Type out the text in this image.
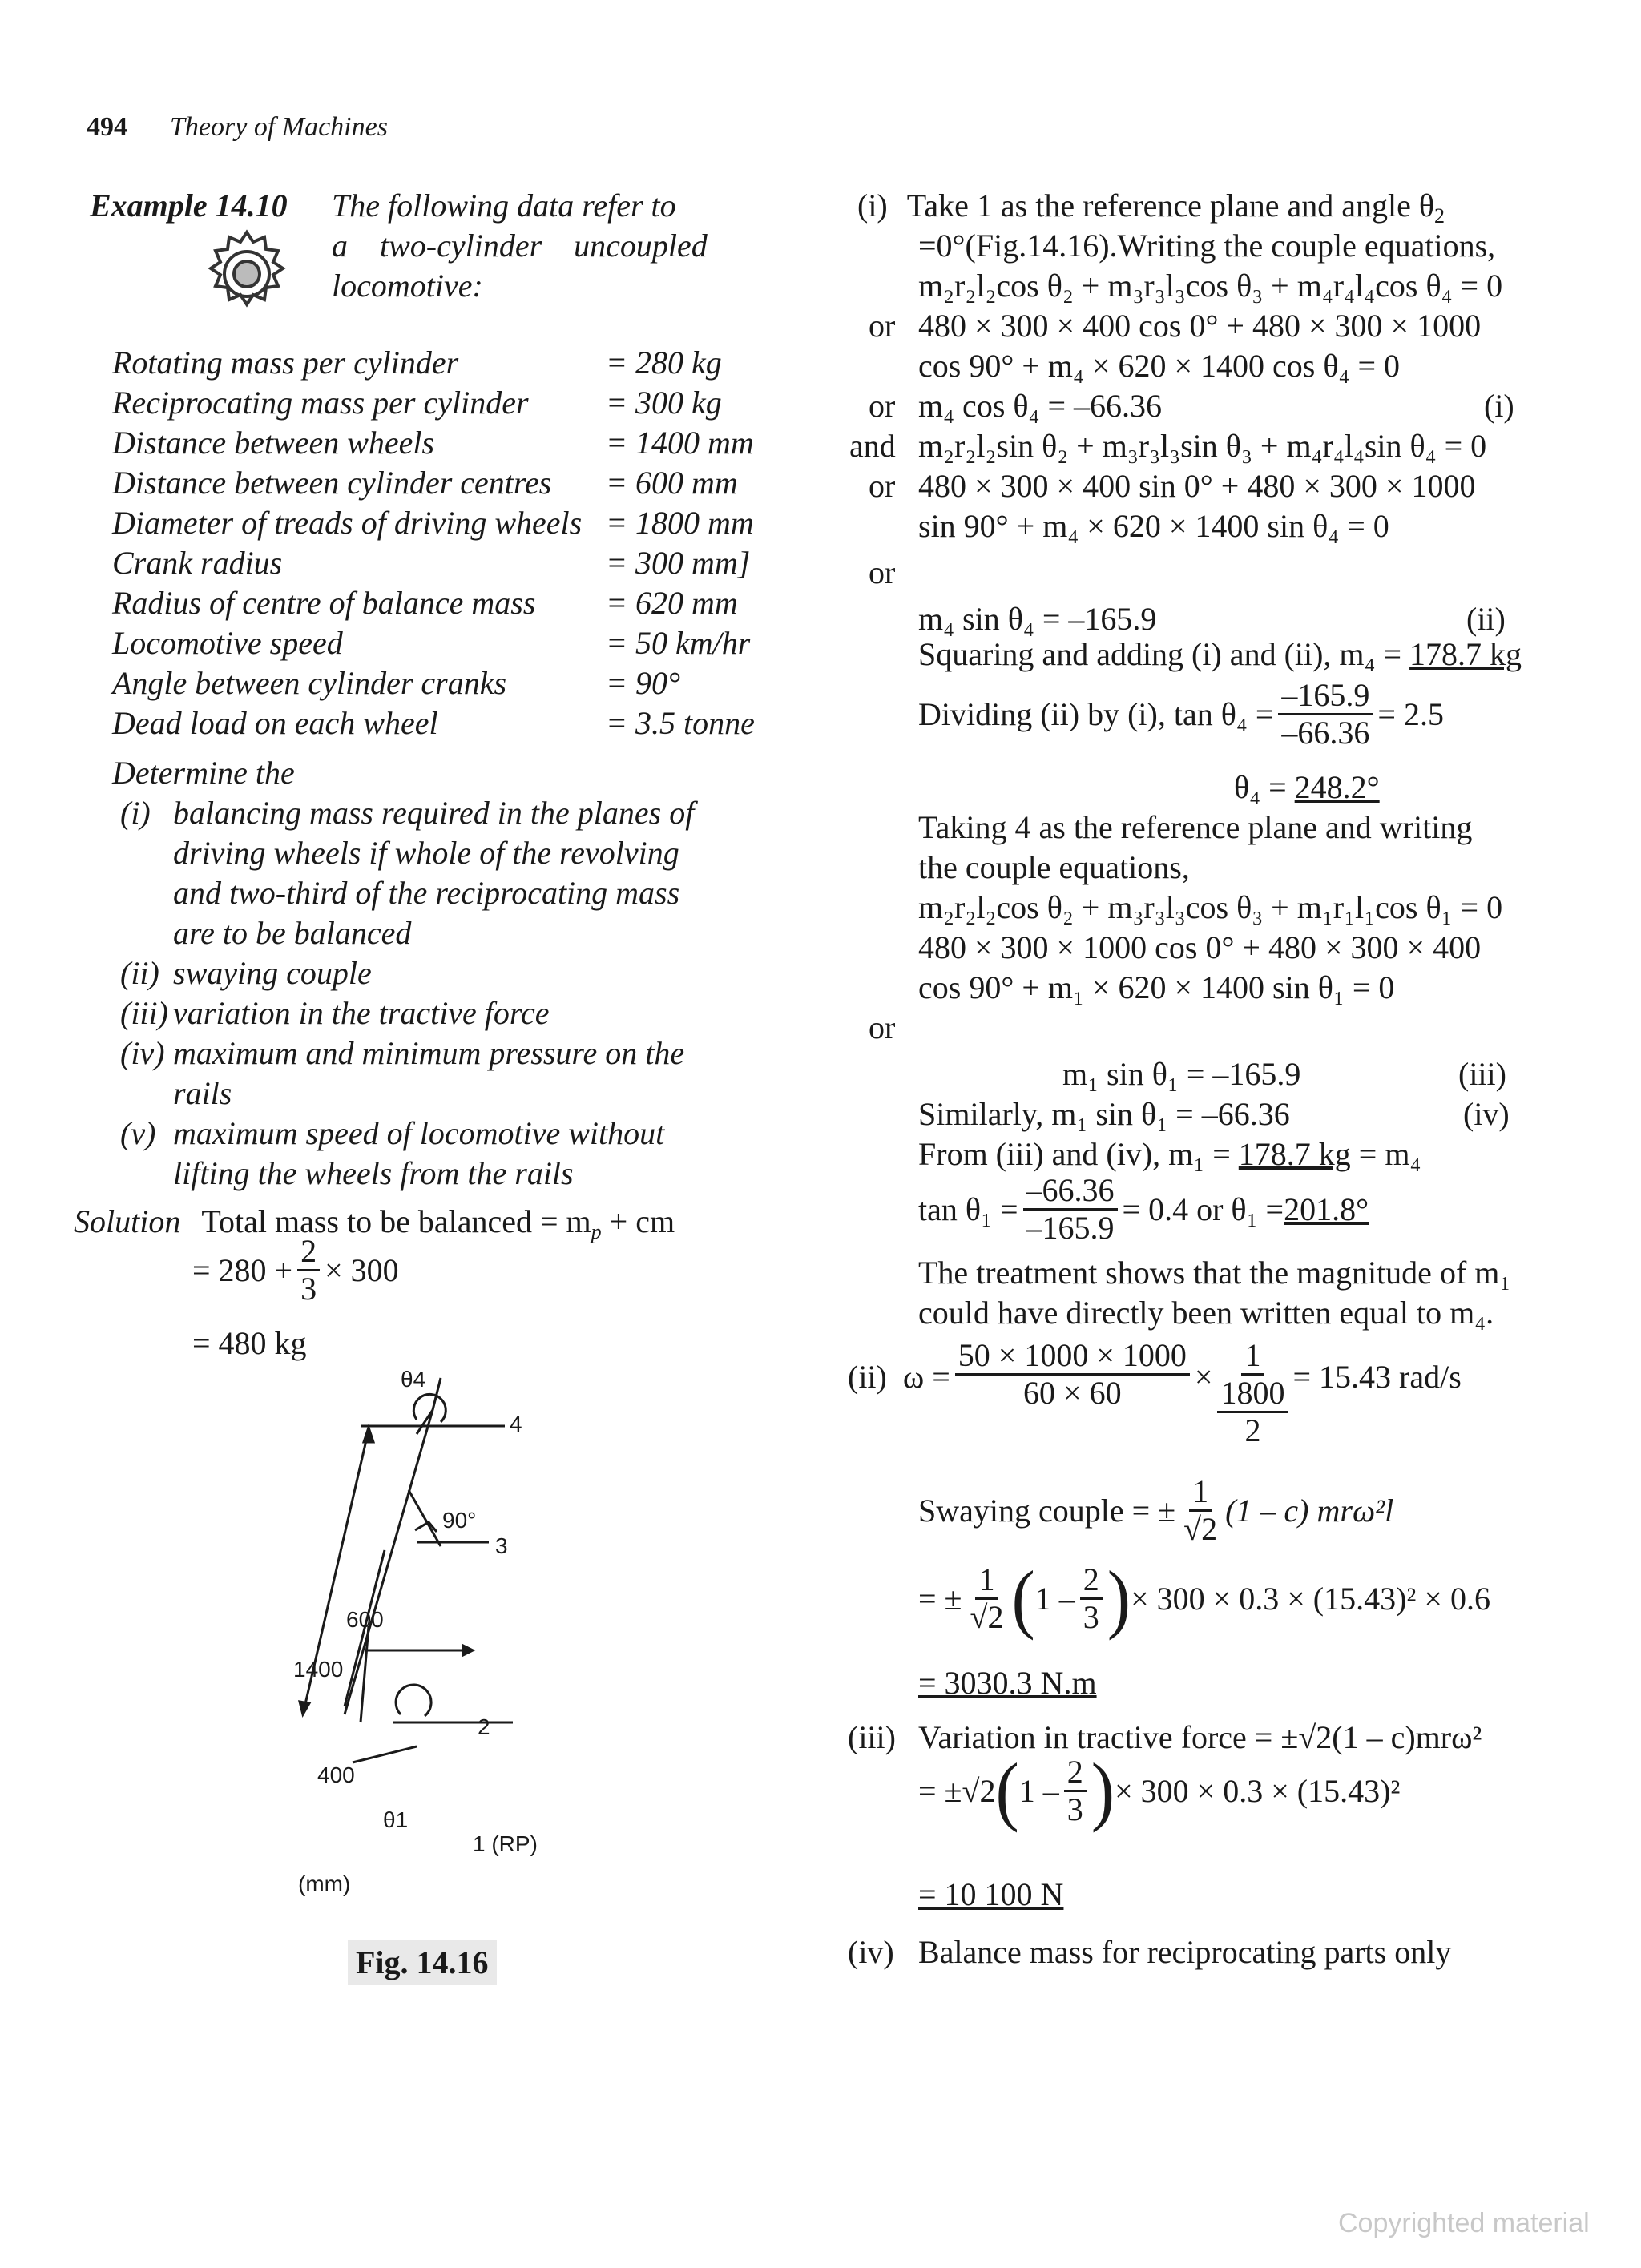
494 Theory of Machines
Example 14.10 The following data refer to
a    two-cylinder    uncoupled
locomotive:
Rotating mass per cylinder	= 280 kg
Reciprocating mass per cylinder = 300 kg
Distance between wheels	= 1400 mm
Distance between cylinder centres = 600 mm
Diameter of treads of driving wheels = 1800 mm
Crank radius	= 300 mm]
Radius of centre of balance mass = 620 mm
Locomotive speed	= 50 km/hr
Angle between cylinder cranks	= 90°
Dead load on each wheel	= 3.5 tonne
Determine the
(i) balancing mass required in the planes of
driving wheels if whole of the revolving
and two-third of the reciprocating mass
are to be balanced
(ii) swaying couple
(iii) variation in the tractive force
(iv) maximum and minimum pressure on the
rails
(v) maximum speed of locomotive without
lifting the wheels from the rails
Solution Total mass to be balanced = $m_p$ + cm
= $280 + \frac{2}{3} \times 300$
= 480 kg
θ4
4
90°
3
600
1400
2
400
θ1
1 (RP)
(mm)
Fig. 14.16
=0°(Fig.14.16).Writing the couple equations,
m₂r₂l₂cos θ₂ + m₃r₃l₃cos θ₃ + m₄r₄l₄cos θ₄ = 0
or 480 × 300 × 400 cos 0° + 480 × 300 × 1000
cos 90° + m₄ × 620 × 1400 cos θ₄ = 0
or m₄ cos θ₄ = –66.36
and m₂r₂l₂sin θ₂ + m₃r₃l₃sin θ₃ + m₄r₄l₄sin θ₄ = 0
or 480 × 300 × 400 sin 0° + 480 × 300 × 1000
sin 90° + m₄ × 620 × 1400 sin θ₄ = 0
or
m₄ sin θ₄ = –165.9
Taking 4 as the reference plane and writing
the couple equations,
m₂r₂l₂cos θ₂ + m₃r₃l₃cos θ₃ + m₁r₁l₁cos θ₁ = 0
480 × 300 × 1000 cos 0° + 480 × 300 × 400
cos 90° + m₁ × 620 × 1400 sin θ₁ = 0
or
m₁ sin θ₁ = –165.9
Similarly, m₁ sin θ₁ = –66.36
The treatment shows that the magnitude of m₁
could have directly been written equal to m₄.
(iii) Variation in tractive force = ±√2(1 – c)mrω²
= 10 100 N
(iv) Balance mass for reciprocating parts only
(ii)
(i)
(iii)
(iv)
(i) Take 1 as the reference plane and angle $\theta_2$
Squaring and adding (i) and (ii), m₄ = 178.7 kg
Dividing (ii) by (i), $\tan \theta_4 = \frac{-165.9}{-66.36} = 2.5$
θ₄ = 248.2°
From (iii) and (iv), m₁ = 178.7 kg = m₄
$\tan \theta_1 = \frac{-66.36}{-165.9} = 0.4$ or θ₁ = 201.8°
(ii) $\omega = \frac{50 \times 1000 \times 1000}{60 \times 60}$ ×
1
1800
2
= 15.43 rad/s
Swaying couple = ± $\frac{1}{√2} (1 - c)$ mrω²l
= ± $\frac{1}{√2}$ ( $1 - \frac{2}{3}$ ) × 300 × 0.3 × (15.43)² × 0.6
= 3030.3 N.m
= ±√2 ( $1 - \frac{2}{3}$ ) × 300 × 0.3 × (15.43)²
Copyrighted material
